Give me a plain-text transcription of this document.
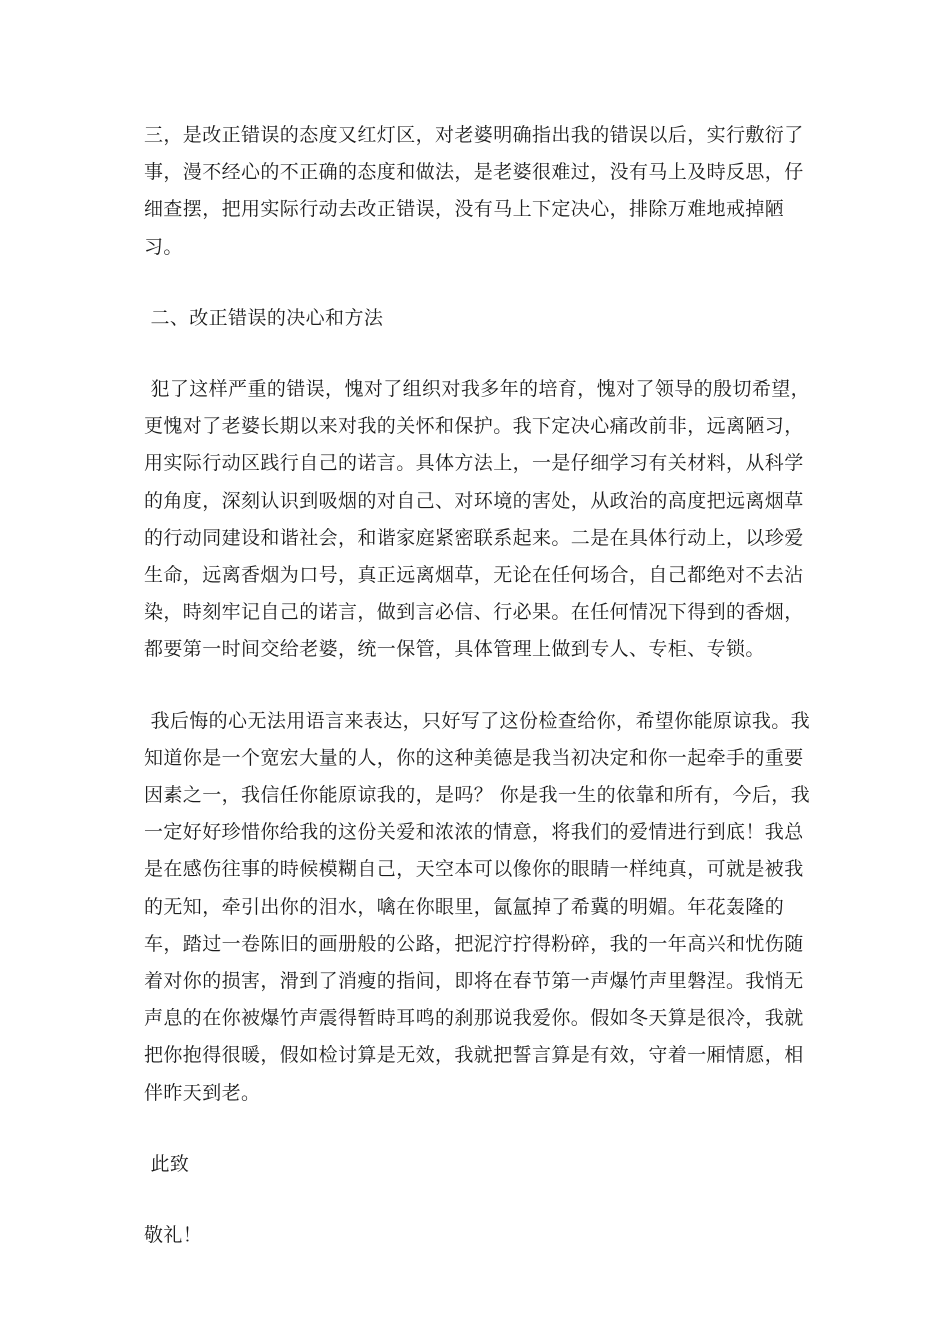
三，是改正错误的态度又红灯区，对老婆明确指出我的错误以后，实行敷衍了事，漫不经心的不正确的态度和做法，是老婆很难过，没有马上及時反思，仔细查摆，把用实际行动去改正错误，没有马上下定决心，排除万难地戒掉陋习。

二、改正错误的决心和方法

犯了这样严重的错误，愧对了组织对我多年的培育，愧对了领导的殷切希望，更愧对了老婆长期以来对我的关怀和保护。我下定决心痛改前非，远离陋习，用实际行动区践行自己的诺言。具体方法上，一是仔细学习有关材料，从科学的角度，深刻认识到吸烟的对自己、对环境的害处，从政治的高度把远离烟草的行动同建设和谐社会，和谐家庭紧密联系起来。二是在具体行动上，以珍爱生命，远离香烟为口号，真正远离烟草，无论在任何场合，自己都绝对不去沾染，時刻牢记自己的诺言，做到言必信、行必果。在任何情况下得到的香烟，都要第一时间交给老婆，统一保管，具体管理上做到专人、专柜、专锁。

我后悔的心无法用语言来表达，只好写了这份检查给你，希望你能原谅我。我知道你是一个宽宏大量的人，你的这种美德是我当初决定和你一起牵手的重要因素之一，我信任你能原谅我的，是吗？ 你是我一生的依靠和所有，今后，我一定好好珍惜你给我的这份关爱和浓浓的情意，将我们的爱情进行到底！我总是在感伤往事的時候模糊自己，天空本可以像你的眼睛一样纯真，可就是被我的无知，牵引出你的泪水，噙在你眼里，氤氲掉了希冀的明媚。年花轰隆的车，踏过一卷陈旧的画册般的公路，把泥泞拧得粉碎，我的一年高兴和忧伤随着对你的损害，滑到了消瘦的指间，即将在春节第一声爆竹声里磐涅。我悄无声息的在你被爆竹声震得暂時耳鸣的刹那说我爱你。假如冬天算是很冷，我就把你抱得很暖，假如检讨算是无效，我就把誓言算是有效，守着一厢情愿，相伴昨天到老。

此致

敬礼！
